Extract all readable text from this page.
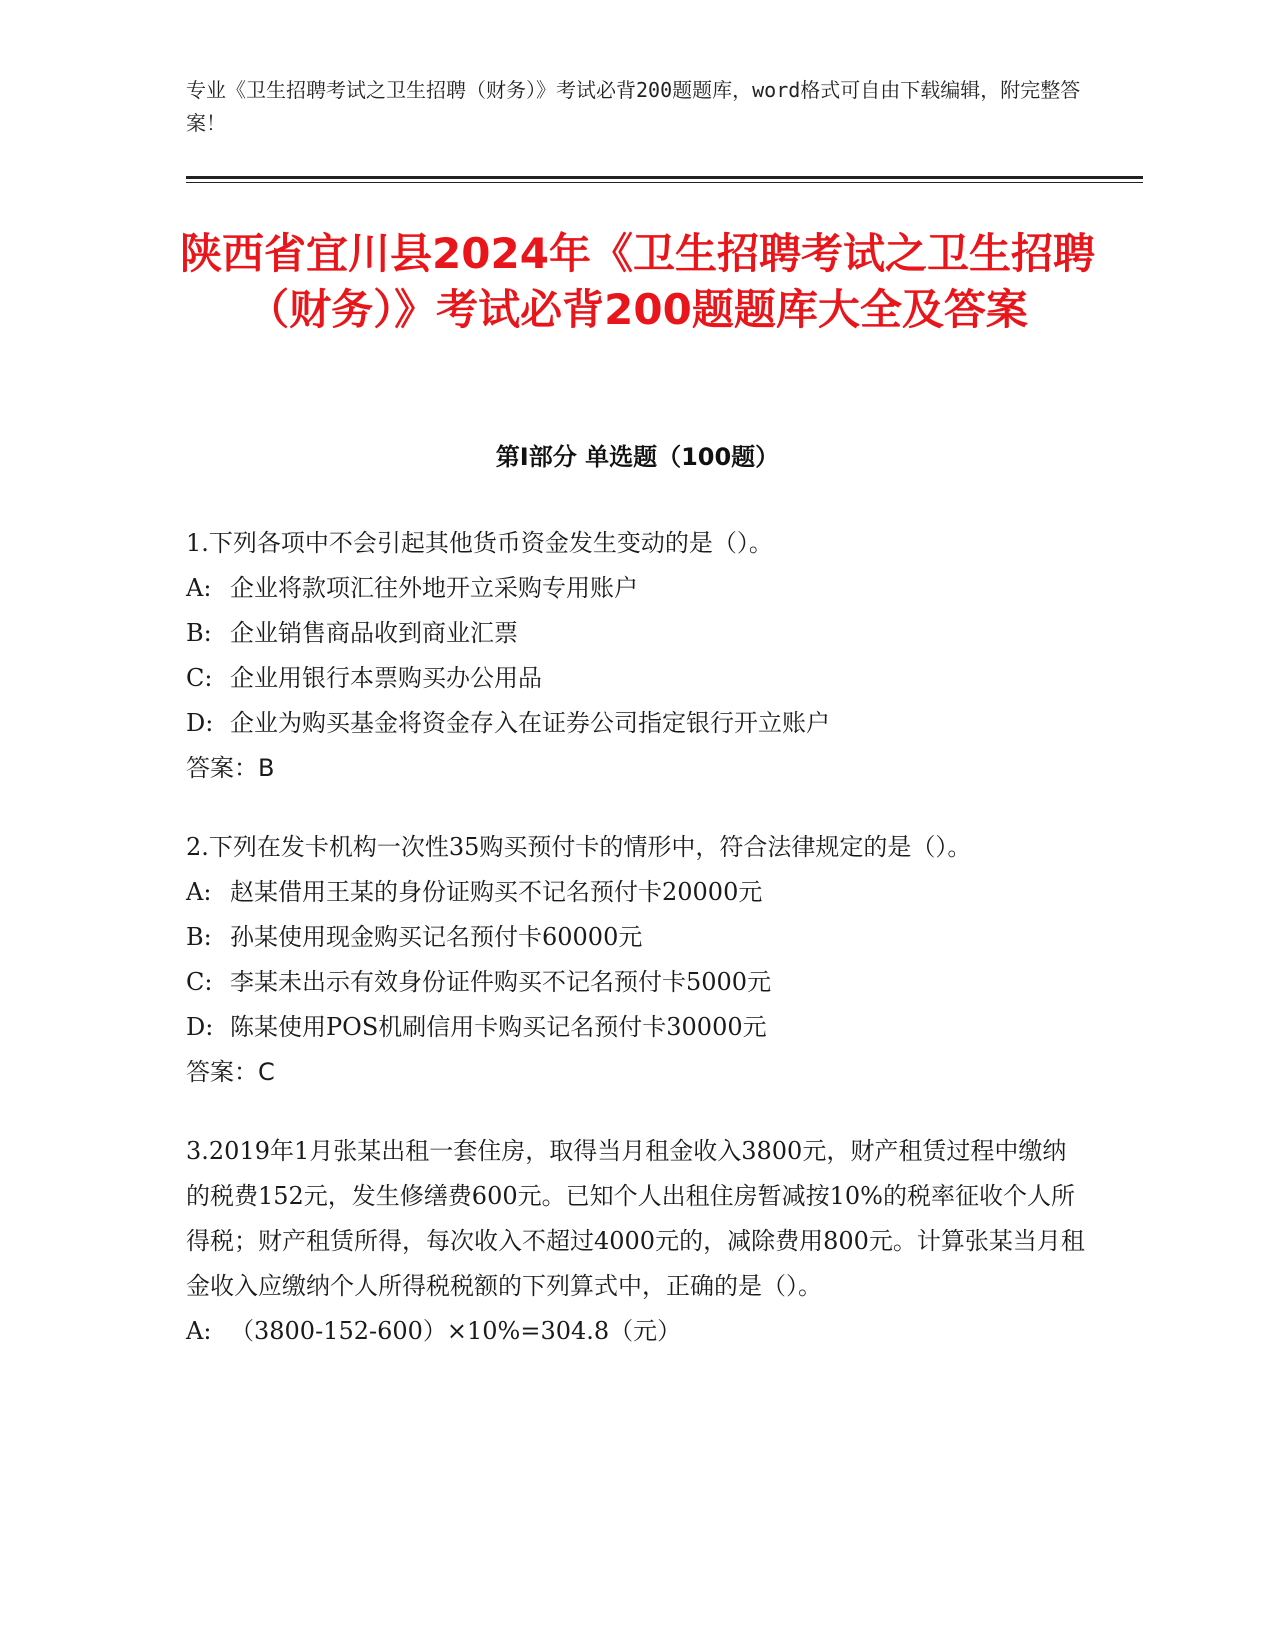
专业《卫生招聘考试之卫生招聘（财务）》考试必背200题题库，word格式可自由下载编辑，附完整答案！
陕西省宜川县2024年《卫生招聘考试之卫生招聘（财务）》考试必背200题题库大全及答案
第Ⅰ部分 单选题（100题）
1.下列各项中不会引起其他货币资金发生变动的是（）。
A: 企业将款项汇往外地开立采购专用账户
B: 企业销售商品收到商业汇票
C: 企业用银行本票购买办公用品
D: 企业为购买基金将资金存入在证券公司指定银行开立账户
答案：B
2.下列在发卡机构一次性35购买预付卡的情形中，符合法律规定的是（）。
A: 赵某借用王某的身份证购买不记名预付卡20000元
B: 孙某使用现金购买记名预付卡60000元
C: 李某未出示有效身份证件购买不记名预付卡5000元
D: 陈某使用POS机刷信用卡购买记名预付卡30000元
答案：C
3.2019年1月张某出租一套住房，取得当月租金收入3800元，财产租赁过程中缴纳的税费152元，发生修缮费600元。已知个人出租住房暂减按10%的税率征收个人所得税；财产租赁所得，每次收入不超过4000元的，减除费用800元。计算张某当月租金收入应缴纳个人所得税税额的下列算式中，正确的是（）。
A: （3800-152-600）×10%=304.8（元）
